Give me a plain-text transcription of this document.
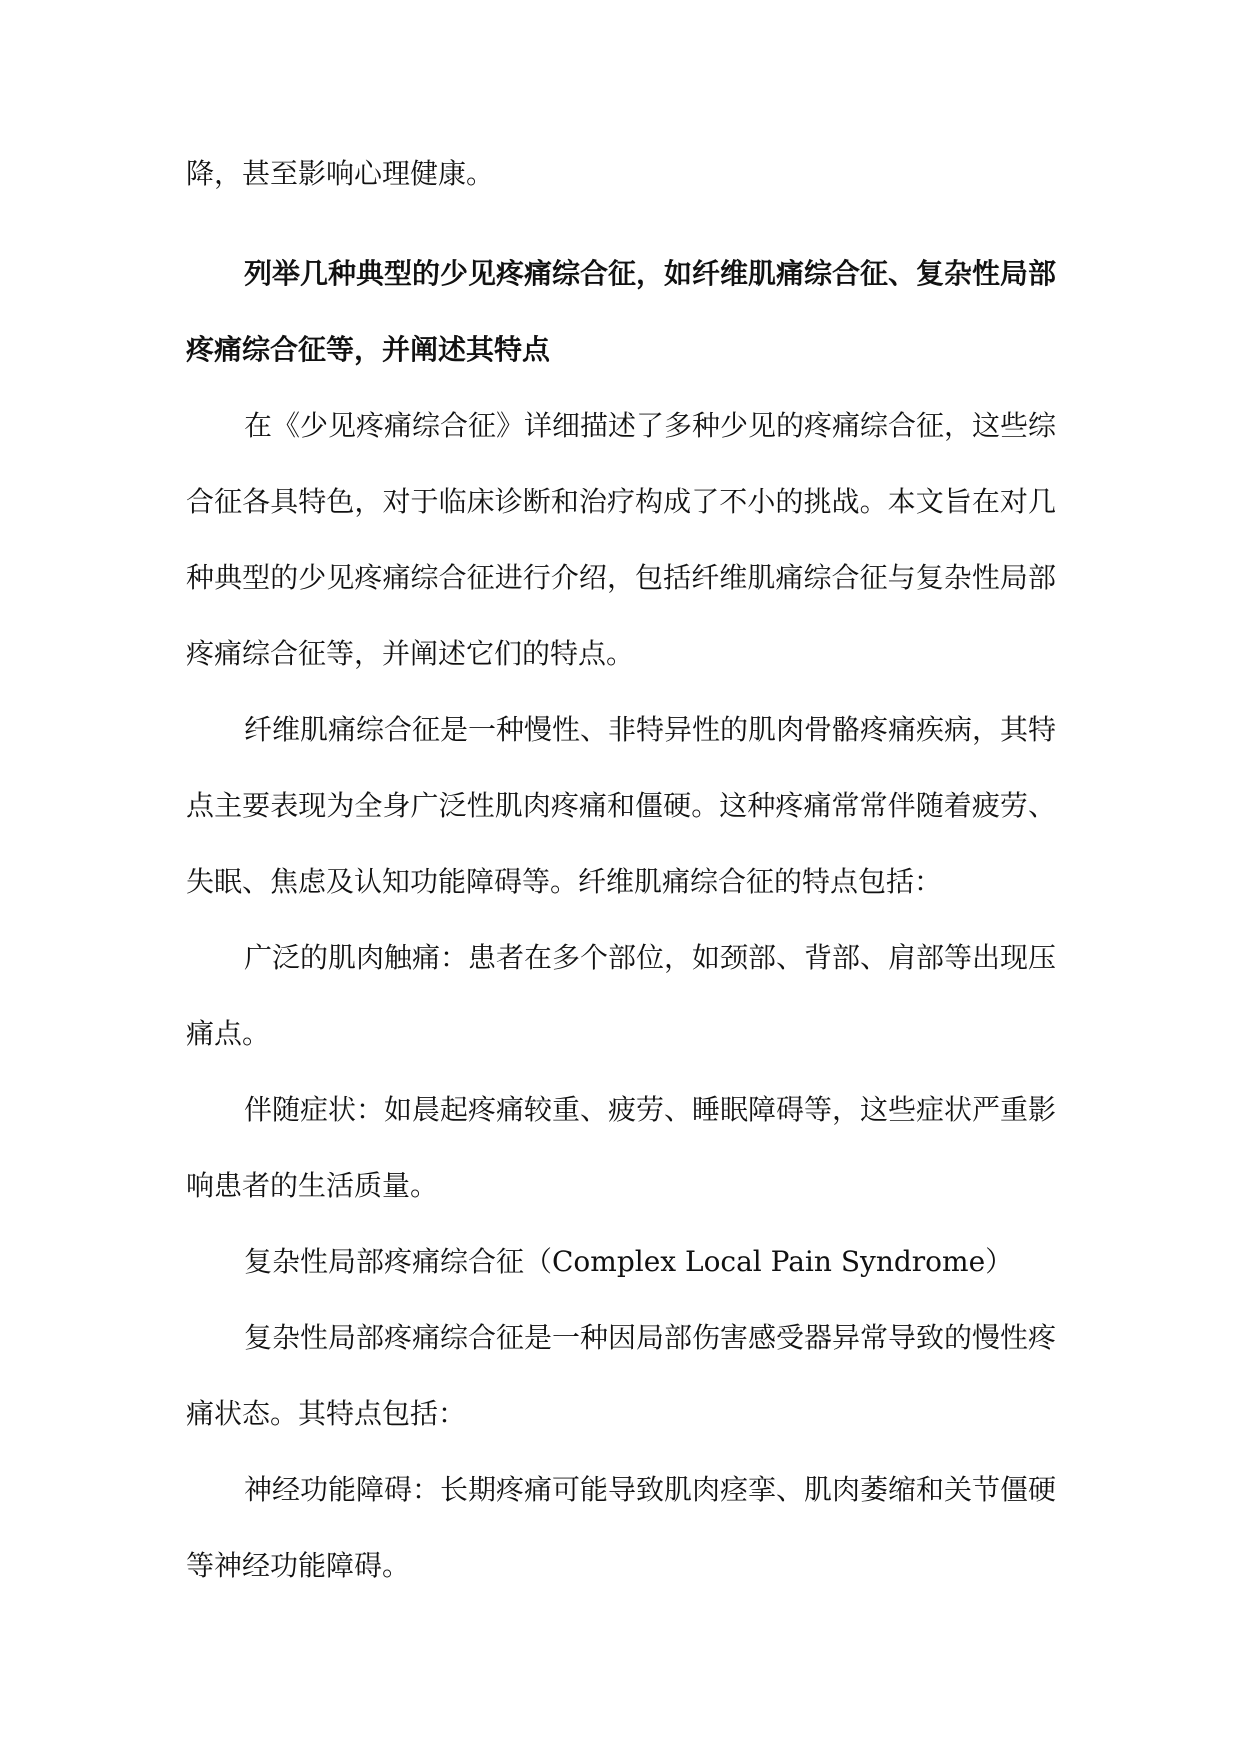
降，甚至影响心理健康。

列举几种典型的少见疼痛综合征，如纤维肌痛综合征、复杂性局部疼痛综合征等，并阐述其特点

在《少见疼痛综合征》详细描述了多种少见的疼痛综合征，这些综合征各具特色，对于临床诊断和治疗构成了不小的挑战。本文旨在对几种典型的少见疼痛综合征进行介绍，包括纤维肌痛综合征与复杂性局部疼痛综合征等，并阐述它们的特点。

纤维肌痛综合征是一种慢性、非特异性的肌肉骨骼疼痛疾病，其特点主要表现为全身广泛性肌肉疼痛和僵硬。这种疼痛常常伴随着疲劳、失眠、焦虑及认知功能障碍等。纤维肌痛综合征的特点包括：

广泛的肌肉触痛：患者在多个部位，如颈部、背部、肩部等出现压痛点。

伴随症状：如晨起疼痛较重、疲劳、睡眠障碍等，这些症状严重影响患者的生活质量。

复杂性局部疼痛综合征（Complex Local Pain Syndrome）

复杂性局部疼痛综合征是一种因局部伤害感受器异常导致的慢性疼痛状态。其特点包括：

神经功能障碍：长期疼痛可能导致肌肉痉挛、肌肉萎缩和关节僵硬等神经功能障碍。
